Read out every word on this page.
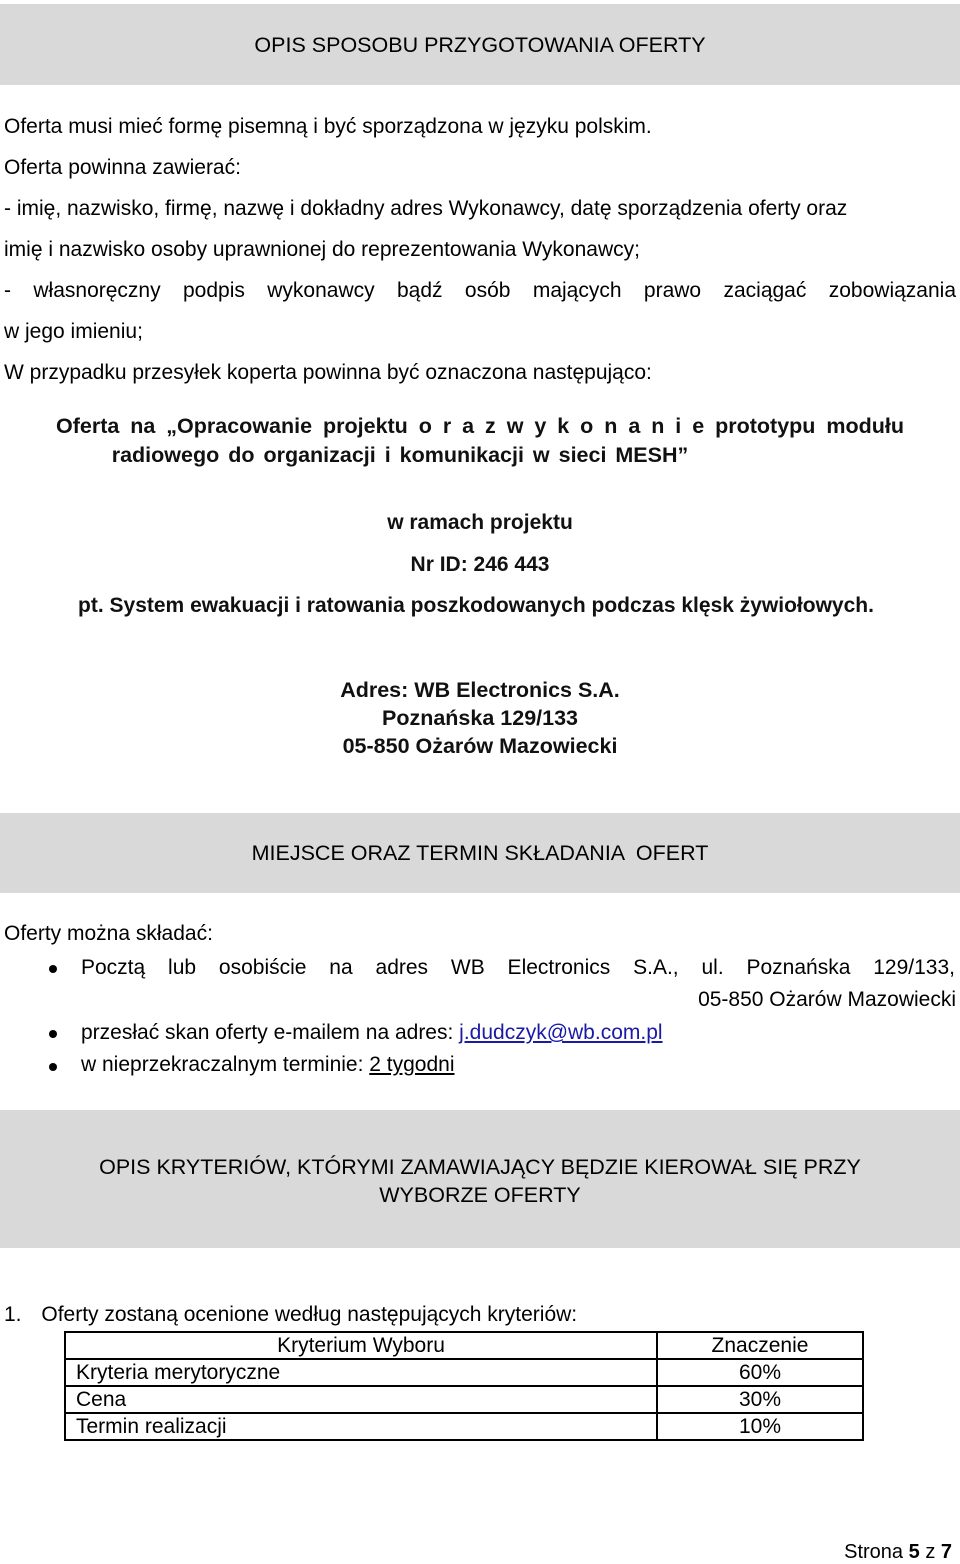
OPIS SPOSOBU PRZYGOTOWANIA OFERTY
Oferta musi mieć formę pisemną i być sporządzona w języku polskim.
Oferta powinna zawierać:
- imię, nazwisko, firmę, nazwę i dokładny adres Wykonawcy, datę sporządzenia oferty oraz
imię i nazwisko osoby uprawnionej do reprezentowania Wykonawcy;
- własnoręczny podpis wykonawcy bądź osób mających prawo zaciągać zobowiązania
w jego imieniu;
W przypadku przesyłek koperta powinna być oznaczona następująco:
Oferta na „Opracowanie projektu o r a z w y k o n a n i e prototypu modułu
radiowego do organizacji i komunikacji w sieci MESH”
w ramach projektu
Nr ID: 246 443
pt. System ewakuacji i ratowania poszkodowanych podczas klęsk żywiołowych.
Adres: WB Electronics S.A.
Poznańska 129/133
05-850 Ożarów Mazowiecki
MIEJSCE ORAZ TERMIN SKŁADANIA  OFERT
Oferty można składać:
Pocztą lub osobiście na adres WB Electronics S.A., ul. Poznańska 129/133,
05-850 Ożarów Mazowiecki
przesłać skan oferty e-mailem na adres: j.dudczyk@wb.com.pl
w nieprzekraczalnym terminie: 2 tygodni
OPIS KRYTERIÓW, KTÓRYMI ZAMAWIAJĄCY BĘDZIE KIEROWAŁ SIĘ PRZY
WYBORZE OFERTY
1. Oferty zostaną ocenione według następujących kryteriów:
Kryterium Wyboru	Znaczenie
Kryteria merytoryczne	60%
Cena	30%
Termin realizacji	10%
Strona 5 z 7
